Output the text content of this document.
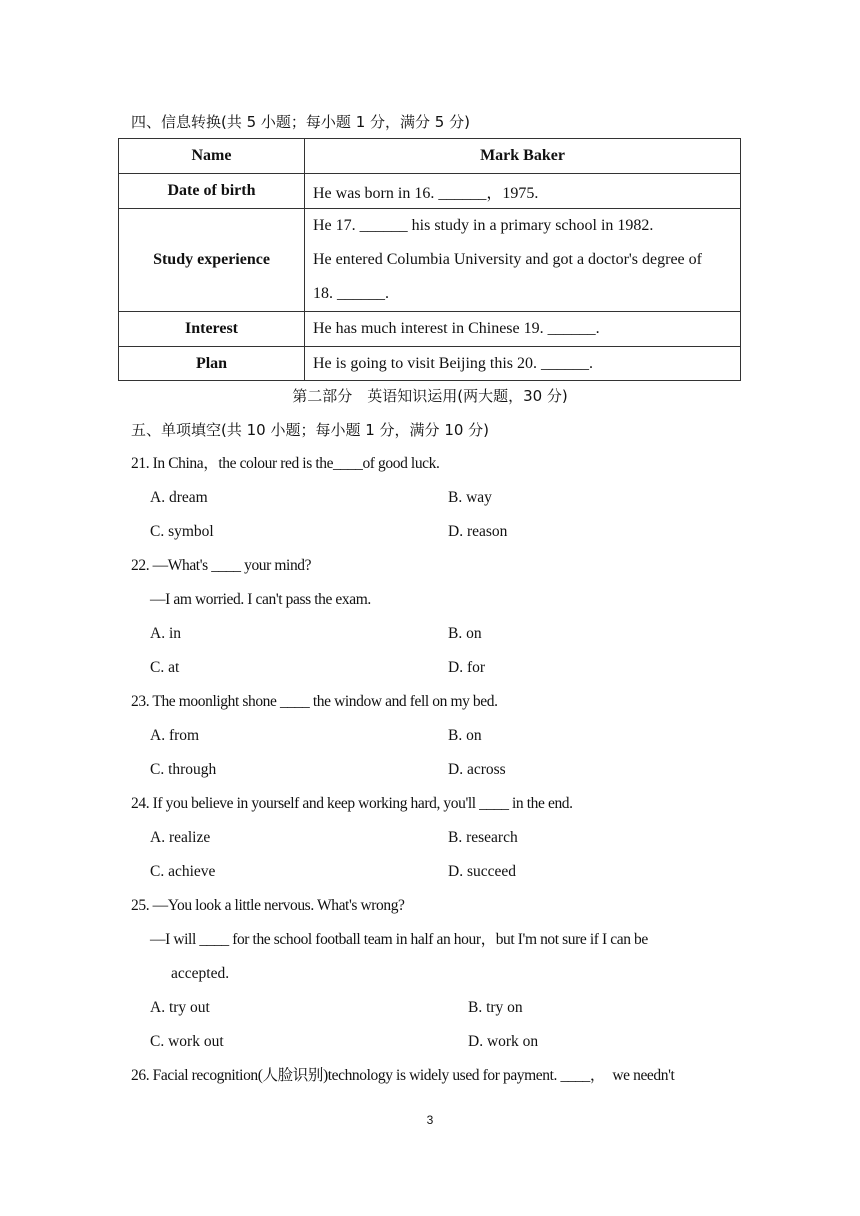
四、信息转换(共 5 小题；每小题 1 分，满分 5 分)
Name	Mark Baker
Date of birth	He was born in 16. ______，1975.
Study experience	He 17. ______ his study in a primary school in 1982.
He entered Columbia University and got a doctor's degree of
18. ______.

Interest	He has much interest in Chinese 19. ______.
Plan	He is going to visit Beijing this 20. ______.
第二部分　英语知识运用(两大题，30 分)
五、单项填空(共 10 小题；每小题 1 分，满分 10 分)
21. In China，the colour red is the____of good luck.
A. dream	B. way
C. symbol	D. reason
22. —What's ____ your mind?
—I am worried. I can't pass the exam.
A. in	B. on
C. at	D. for
23. The moonlight shone ____ the window and fell on my bed.
A. from	B. on
C. through	D. across
24. If you believe in yourself and keep working hard, you'll ____ in the end.
A. realize	B. research
C. achieve	D. succeed
25. —You look a little nervous. What's wrong?
—I will ____ for the school football team in half an hour，but I'm not sure if I can be
accepted.
A. try out	B. try on
C. work out	D. work on
26. Facial recognition(人脸识别)technology is widely used for payment. ____，　we needn't
3
